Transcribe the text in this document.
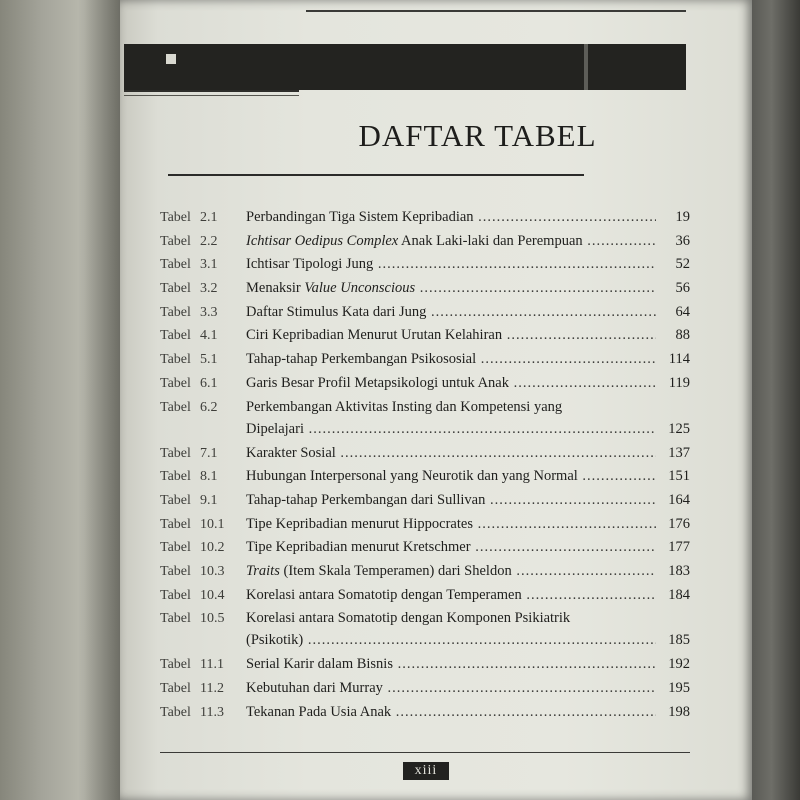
DAFTAR TABEL
Tabel 2.1	Perbandingan Tiga Sistem Kepribadian .....	19
Tabel 2.2	Ichtisar Oedipus Complex Anak Laki-laki dan Perempuan .....	36
Tabel 3.1	Ichtisar Tipologi Jung .....	52
Tabel 3.2	Menaksir Value Unconscious .....	56
Tabel 3.3	Daftar Stimulus Kata dari Jung .....	64
Tabel 4.1	Ciri Kepribadian Menurut Urutan Kelahiran .....	88
Tabel 5.1	Tahap-tahap Perkembangan Psikososial .....	114
Tabel 6.1	Garis Besar Profil Metapsikologi untuk Anak .....	119
Tabel 6.2	Perkembangan Aktivitas Insting dan Kompetensi yang
Dipelajari .....	125
Tabel 7.1	Karakter Sosial .....	137
Tabel 8.1	Hubungan Interpersonal yang Neurotik dan yang Normal .....	151
Tabel 9.1	Tahap-tahap Perkembangan dari Sullivan .....	164
Tabel 10.1	Tipe Kepribadian menurut Hippocrates .....	176
Tabel 10.2	Tipe Kepribadian menurut Kretschmer .....	177
Tabel 10.3	Traits (Item Skala Temperamen) dari Sheldon .....	183
Tabel 10.4	Korelasi antara Somatotip dengan Temperamen .....	184
Tabel 10.5	Korelasi antara Somatotip dengan Komponen Psikiatrik
(Psikotik) .....	185
Tabel 11.1	Serial Karir dalam Bisnis .....	192
Tabel 11.2	Kebutuhan dari Murray .....	195
Tabel 11.3	Tekanan Pada Usia Anak .....	198
xiii
